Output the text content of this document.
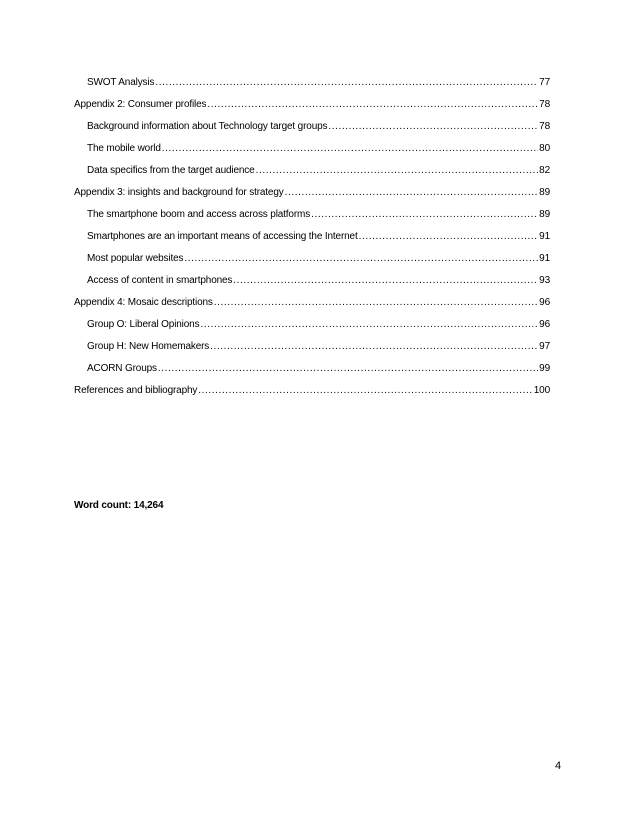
SWOT Analysis .....	77
Appendix 2: Consumer profiles .....	78
Background information about Technology target groups .....	78
The mobile world .....	80
Data specifics from the target audience .....	82
Appendix 3: insights and background for strategy .....	89
The smartphone boom and access across platforms .....	89
Smartphones are an important means of accessing the Internet .....	91
Most popular websites .....	91
Access of content in smartphones .....	93
Appendix 4: Mosaic descriptions .....	96
Group O: Liberal Opinions .....	96
Group H: New Homemakers .....	97
ACORN Groups .....	99
References and bibliography .....	100
Word count: 14,264
4
